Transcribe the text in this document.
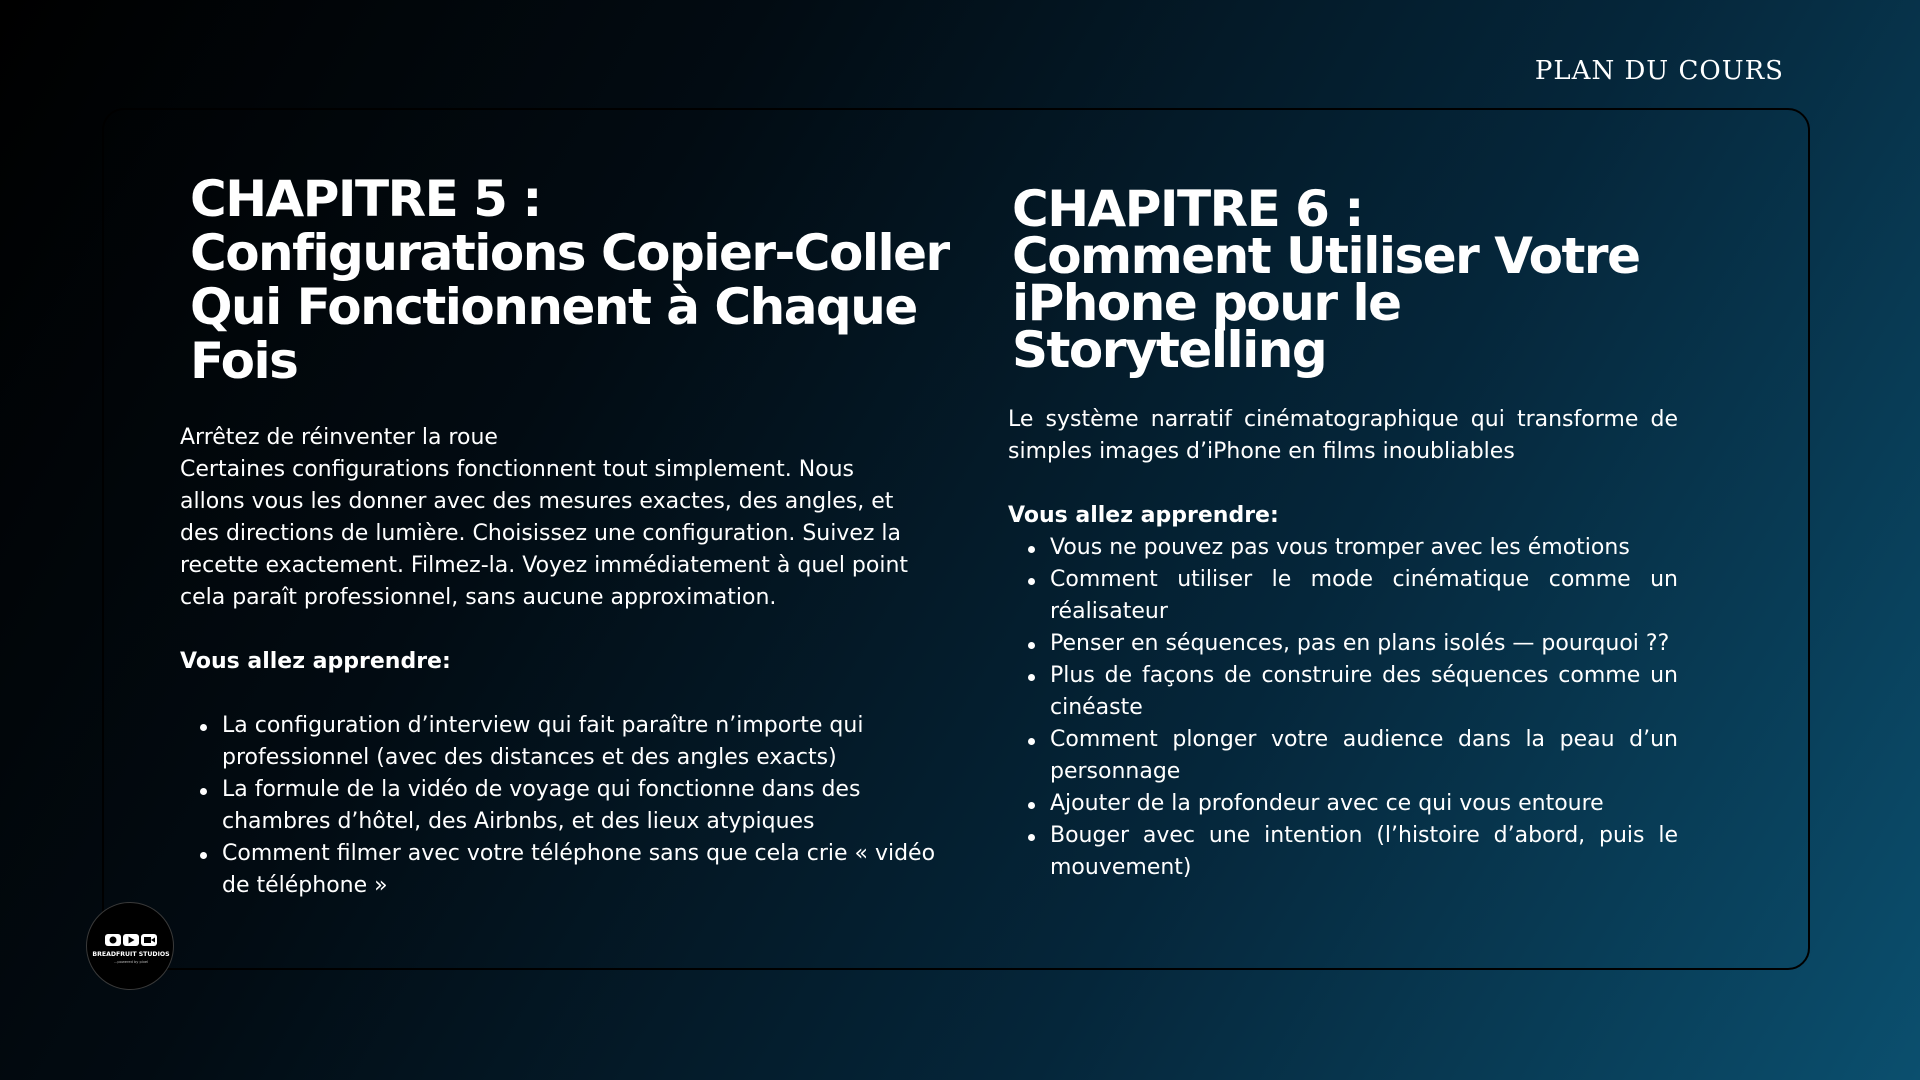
PLAN DU COURS
CHAPITRE 5 :
Configurations Copier-Coller
Qui Fonctionnent à Chaque
Fois

Arrêtez de réinventer la roue

Certaines configurations fonctionnent tout simplement. Nous

allons vous les donner avec des mesures exactes, des angles, et

des directions de lumière. Choisissez une configuration. Suivez la

recette exactement. Filmez-la. Voyez immédiatement à quel point

cela paraît professionnel, sans aucune approximation.

Vous allez apprendre:

La configuration d’interview qui fait paraître n’importe qui professionnel (avec des distances et des angles exacts)
La formule de la vidéo de voyage qui fonctionne dans des chambres d’hôtel, des Airbnbs, et des lieux atypiques
Comment filmer avec votre téléphone sans que cela crie « vidéo de téléphone »
CHAPITRE 6 :
Comment Utiliser Votre
iPhone pour le
Storytelling

Le système narratif cinématographique qui transforme de simples images d’iPhone en films inoubliables

Vous allez apprendre:

Vous ne pouvez pas vous tromper avec les émotions
Comment utiliser le mode cinématique comme un réalisateur
Penser en séquences, pas en plans isolés — pourquoi ??
Plus de façons de construire des séquences comme un cinéaste
Comment plonger votre audience dans la peau d’un personnage
Ajouter de la profondeur avec ce qui vous entoure
Bouger avec une intention (l’histoire d’abord, puis le mouvement)
BREADFRUIT STUDIOS
...powered by pixel
